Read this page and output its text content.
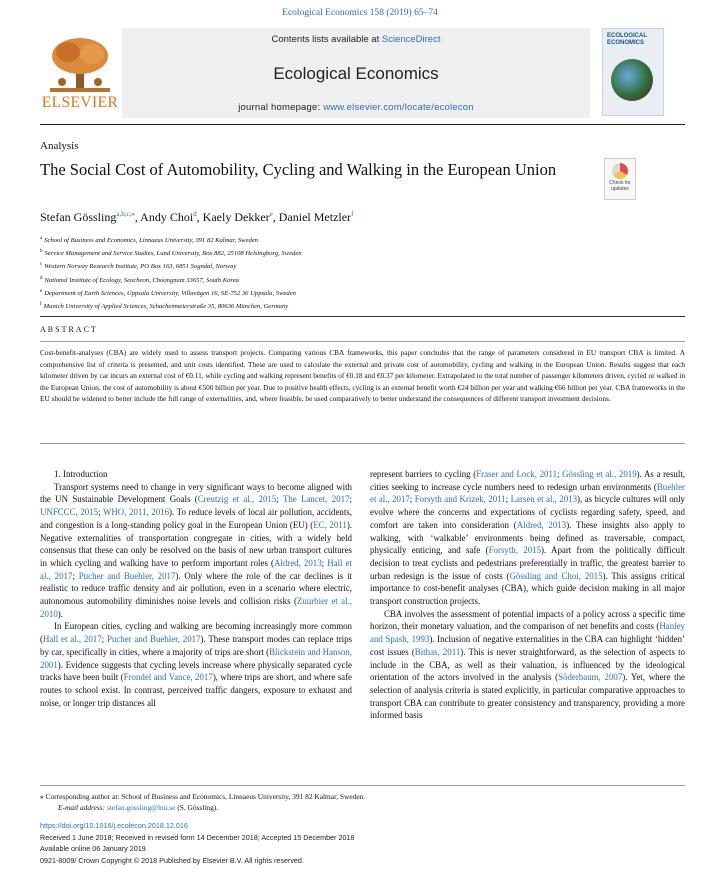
Ecological Economics 158 (2019) 65–74
ELSEVIER
Contents lists available at ScienceDirect
Ecological Economics
journal homepage: www.elsevier.com/locate/ecolecon
ECOLOGICAL ECONOMICS
Analysis
The Social Cost of Automobility, Cycling and Walking in the European Union
Check for updates
Stefan Gössling$^{a,b,c,⁎}$, Andy Choi$^d$, Kaely Dekker$^e$, Daniel Metzler$^f$
$^a$ School of Business and Economics, Linnaeus University, 391 82 Kalmar, Sweden
$^b$ Service Management and Service Studies, Lund University, Box 882, 25108 Helsingborg, Sweden
$^c$ Western Norway Research Institute, PO Box 163, 6851 Sogndal, Norway
$^d$ National Institute of Ecology, Seocheon, Choongnam 33657, South Korea
$^e$ Department of Earth Sciences, Uppsala University, Villavägen 16, SE-752 36 Uppsala, Sweden
$^f$ Munich University of Applied Sciences, Schachenmeierstraße 35, 80636 München, Germany
ABSTRACT
Cost-benefit-analyses (CBA) are widely used to assess transport projects. Comparing various CBA frameworks, this paper concludes that the range of parameters considered in EU transport CBA is limited. A comprehensive list of criteria is presented, and unit costs identified. These are used to calculate the external and private cost of automobility, cycling and walking in the European Union. Results suggest that each kilometer driven by car incurs an external cost of €0.11, while cycling and walking represent benefits of €0.18 and €0.37 per kilometer. Extrapolated to the total number of passenger kilometers driven, cycled or walked in the European Union, the cost of automobility is about €500 billion per year. Due to positive health effects, cycling is an external benefit worth €24 billion per year and walking €66 billion per year. CBA frameworks in the EU should be widened to better include the full range of externalities, and, where feasible, be used comparatively to better understand the consequences of different transport investment decisions.

1. Introduction

Transport systems need to change in very significant ways to become aligned with the UN Sustainable Development Goals (Creutzig et al., 2015; The Lancet, 2017; UNFCCC, 2015; WHO, 2011, 2016). To reduce levels of local air pollution, accidents, and congestion is a long-standing policy goal in the European Union (EU) (EC, 2011). Negative externalities of transportation congregate in cities, with a widely held consensus that these can only be resolved on the basis of new urban transport cultures in which cycling and walking have to perform important roles (Aldred, 2013; Hall et al., 2017; Pucher and Buehler, 2017). Only where the role of the car declines is it realistic to reduce traffic density and air pollution, even in a scenario where electric, autonomous automobility diminishes noise levels and collision risks (Zuurbier et al., 2010).

In European cities, cycling and walking are becoming increasingly more common (Hall et al., 2017; Pucher and Buehler, 2017). These transport modes can replace trips by car, specifically in cities, where a majority of trips are short (Blickstein and Hanson, 2001). Evidence suggests that cycling levels increase where physically separated cycle tracks have been built (Frondel and Vance, 2017), where trips are short, and where safe routes to school exist. In contrast, perceived traffic dangers, exposure to exhaust and noise, or longer trip distances all

represent barriers to cycling (Fraser and Lock, 2011; Gössling et al., 2019). As a result, cities seeking to increase cycle numbers need to redesign urban environments (Buehler et al., 2017; Forsyth and Krizek, 2011; Larsen et al., 2013), as bicycle cultures will only evolve where the concerns and expectations of cyclists regarding safety, speed, and comfort are taken into consideration (Aldred, 2013). These insights also apply to walking, with ‘walkable’ environments being defined as traversable, compact, physically enticing, and safe (Forsyth, 2015). Apart from the politically difficult decision to treat cyclists and pedestrians preferentially in traffic, the greatest barrier to urban redesign is the issue of costs (Gössling and Choi, 2015). This assigns critical importance to cost-benefit analyses (CBA), which guide decision making in all major transport construction projects.

CBA involves the assessment of potential impacts of a policy across a specific time horizon, their monetary valuation, and the comparison of net benefits and costs (Hanley and Spash, 1993). Inclusion of negative externalities in the CBA can highlight ‘hidden’ cost issues (Bithas, 2011). This is never straightforward, as the selection of aspects to include in the CBA, as well as their valuation, is influenced by the ideological orientation of the actors involved in the analysis (Söderbaum, 2007). Yet, where the selection of analysis criteria is stated explicitly, in particular comparative approaches to transport CBA can contribute to greater consistency and transparency, providing a more informed basis

⁎ Corresponding author at: School of Business and Economics, Linnaeus University, 391 82 Kalmar, Sweden.
E-mail address: stefan.gossling@lnu.se (S. Gössling).
https://doi.org/10.1016/j.ecolecon.2018.12.016
Received 1 June 2018; Received in revised form 14 December 2018; Accepted 15 December 2018
Available online 06 January 2019
0921-8009/ Crown Copyright © 2018 Published by Elsevier B.V. All rights reserved.
